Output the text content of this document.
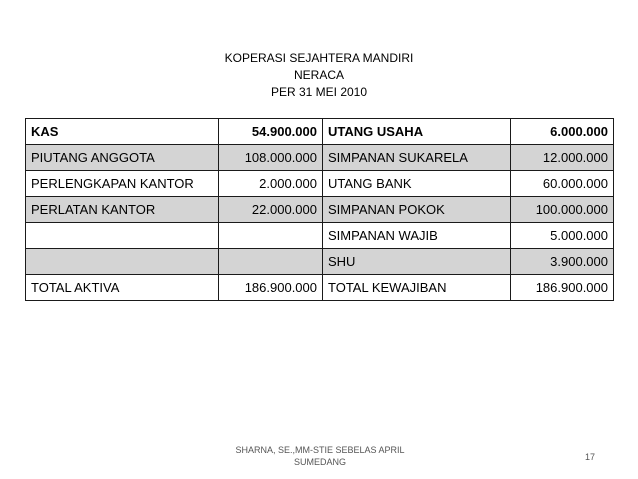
KOPERASI SEJAHTERA MANDIRI
NERACA
PER 31 MEI 2010
KAS	54.900.000	UTANG USAHA	6.000.000
PIUTANG ANGGOTA	108.000.000	SIMPANAN SUKARELA	12.000.000
PERLENGKAPAN KANTOR	2.000.000	UTANG BANK	60.000.000
PERLATAN KANTOR	22.000.000	SIMPANAN POKOK	100.000.000
		SIMPANAN WAJIB	5.000.000
		SHU	3.900.000
TOTAL AKTIVA	186.900.000	TOTAL KEWAJIBAN	186.900.000
SHARNA, SE.,MM-STIE SEBELAS APRIL
SUMEDANG	17
